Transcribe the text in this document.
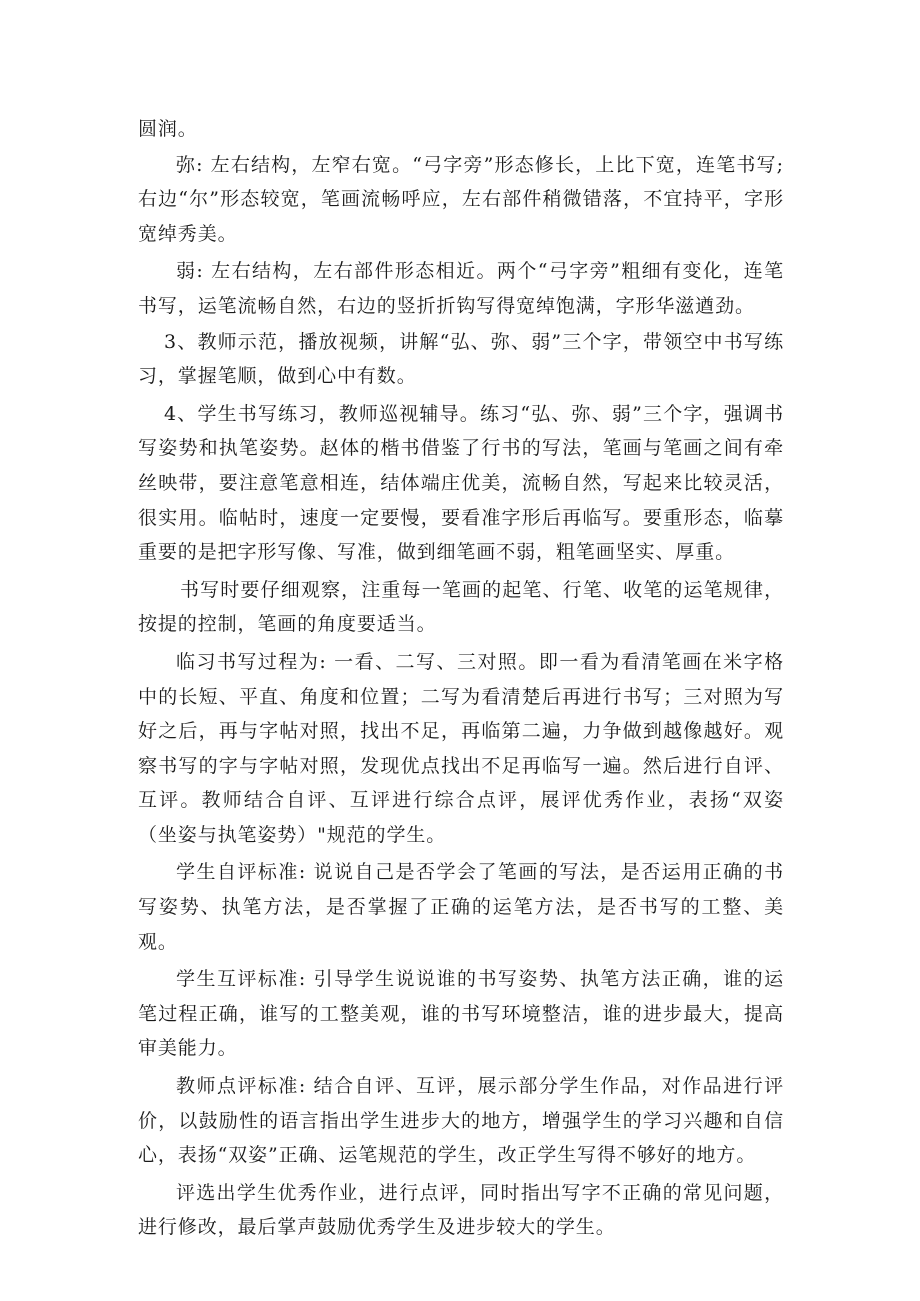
圆润。

弥: 左右结构，左窄右宽。“弓字旁”形态修长，上比下宽，连笔书写; 右边“尔”形态较宽，笔画流畅呼应，左右部件稍微错落，不宜持平，字形宽绰秀美。

弱: 左右结构，左右部件形态相近。两个“弓字旁”粗细有变化，连笔书写，运笔流畅自然，右边的竖折折钩写得宽绰饱满，字形华滋遒劲。

3、教师示范，播放视频，讲解“弘、弥、弱”三个字，带领空中书写练习，掌握笔顺，做到心中有数。

4、学生书写练习，教师巡视辅导。练习“弘、弥、弱”三个字，强调书写姿势和执笔姿势。赵体的楷书借鉴了行书的写法，笔画与笔画之间有牵丝映带，要注意笔意相连，结体端庄优美，流畅自然，写起来比较灵活，很实用。临帖时，速度一定要慢，要看准字形后再临写。要重形态，临摹重要的是把字形写像、写准，做到细笔画不弱，粗笔画坚实、厚重。

书写时要仔细观察，注重每一笔画的起笔、行笔、收笔的运笔规律，按提的控制，笔画的角度要适当。

临习书写过程为: 一看、二写、三对照。即一看为看清笔画在米字格中的长短、平直、角度和位置；二写为看清楚后再进行书写；三对照为写好之后，再与字帖对照，找出不足，再临第二遍，力争做到越像越好。观察书写的字与字帖对照，发现优点找出不足再临写一遍。然后进行自评、互评。教师结合自评、互评进行综合点评，展评优秀作业，表扬“双姿（坐姿与执笔姿势）"规范的学生。

学生自评标准: 说说自己是否学会了笔画的写法，是否运用正确的书写姿势、执笔方法，是否掌握了正确的运笔方法，是否书写的工整、美观。

学生互评标准: 引导学生说说谁的书写姿势、执笔方法正确，谁的运笔过程正确，谁写的工整美观，谁的书写环境整洁，谁的进步最大，提高审美能力。

教师点评标准: 结合自评、互评，展示部分学生作品，对作品进行评价，以鼓励性的语言指出学生进步大的地方，增强学生的学习兴趣和自信心，表扬“双姿”正确、运笔规范的学生，改正学生写得不够好的地方。

评选出学生优秀作业，进行点评，同时指出写字不正确的常见问题，进行修改，最后掌声鼓励优秀学生及进步较大的学生。
